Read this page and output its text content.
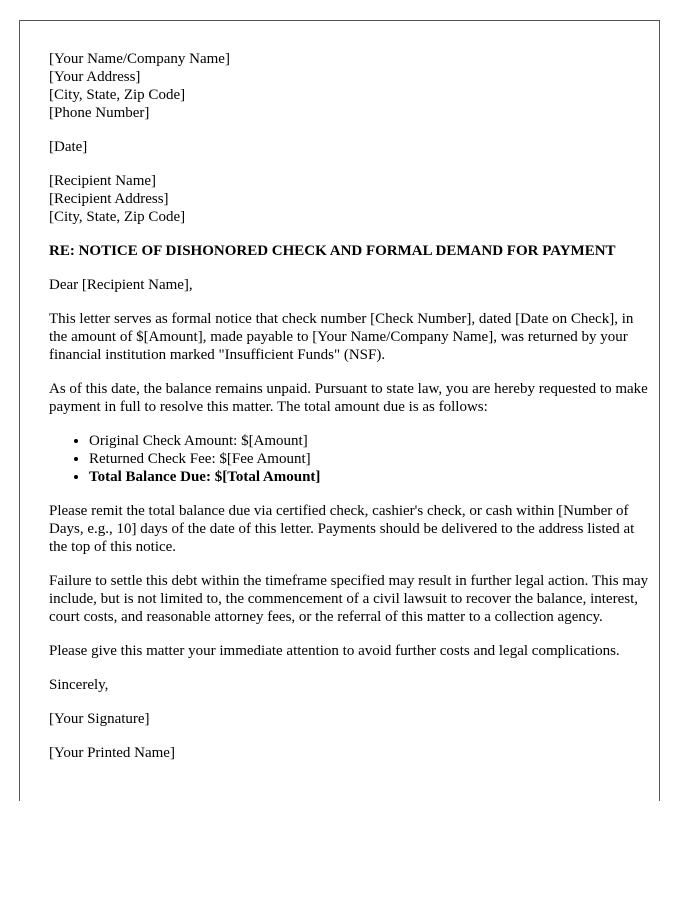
[Your Name/Company Name]
[Your Address]
[City, State, Zip Code]
[Phone Number]
[Date]
[Recipient Name]
[Recipient Address]
[City, State, Zip Code]
RE: NOTICE OF DISHONORED CHECK AND FORMAL DEMAND FOR PAYMENT

Dear [Recipient Name],

This letter serves as formal notice that check number [Check Number], dated [Date on Check], in the amount of $[Amount], made payable to [Your Name/Company Name], was returned by your financial institution marked "Insufficient Funds" (NSF).

As of this date, the balance remains unpaid. Pursuant to state law, you are hereby requested to make payment in full to resolve this matter. The total amount due is as follows:

• Original Check Amount: $[Amount]
• Returned Check Fee: $[Fee Amount]
• Total Balance Due: $[Total Amount]

Please remit the total balance due via certified check, cashier's check, or cash within [Number of Days, e.g., 10] days of the date of this letter. Payments should be delivered to the address listed at the top of this notice.

Failure to settle this debt within the timeframe specified may result in further legal action. This may include, but is not limited to, the commencement of a civil lawsuit to recover the balance, interest, court costs, and reasonable attorney fees, or the referral of this matter to a collection agency.

Please give this matter your immediate attention to avoid further costs and legal complications.

Sincerely,

[Your Signature]

[Your Printed Name]
